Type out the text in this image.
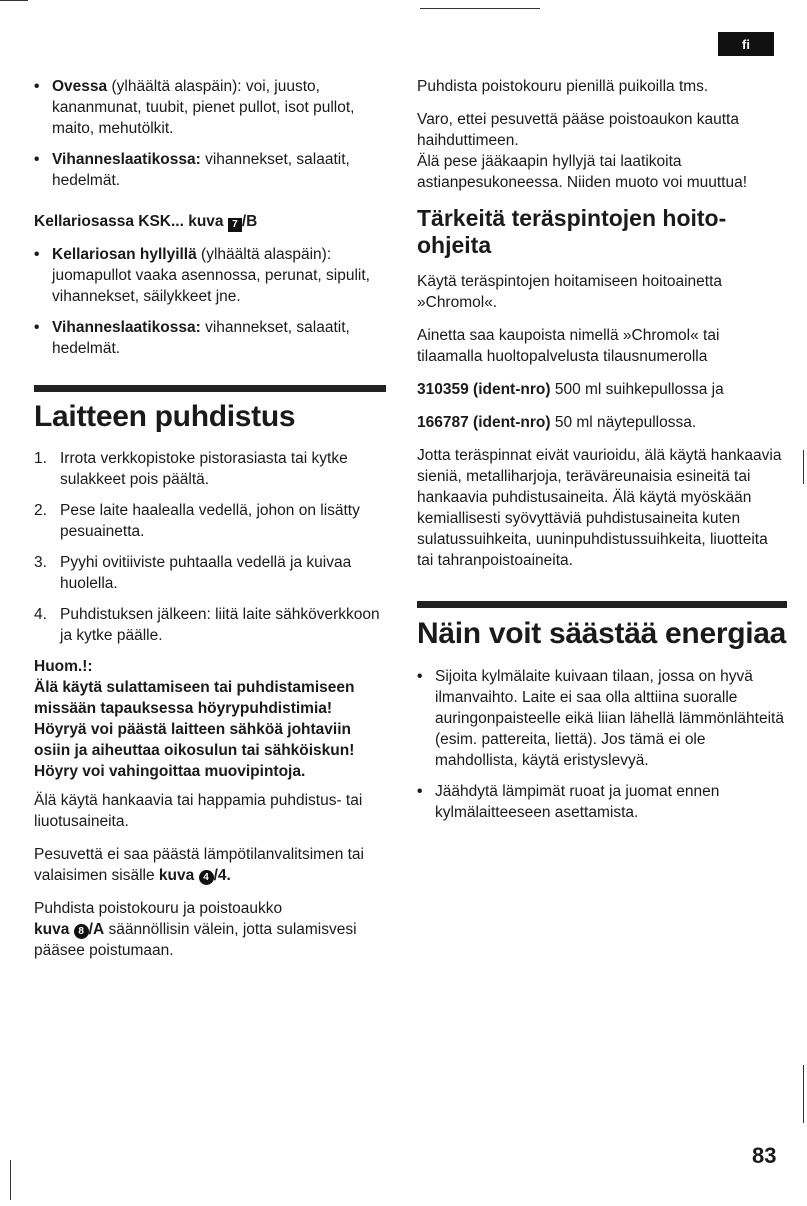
fi
• Ovessa (ylhäältä alaspäin): voi, juusto, kananmunat, tuubit, pienet pullot, isot pullot, maito, mehutölkit.
• Vihanneslaatikossa: vihannekset, salaatit, hedelmät.
Kellariosassa KSK... kuva 7 /B
• Kellariosan hyllyillä (ylhäältä alaspäin): juomapullot vaaka asennossa, perunat, sipulit, vihannekset, säilykkeet jne.
• Vihanneslaatikossa: vihannekset, salaatit, hedelmät.
Laitteen puhdistus
1. Irrota verkkopistoke pistorasiasta tai kytke sulakkeet pois päältä.
2. Pese laite haalealla vedellä, johon on lisätty pesuainetta.
3. Pyyhi ovitiiviste puhtaalla vedellä ja kuivaa huolella.
4. Puhdistuksen jälkeen: liitä laite sähköverkkoon ja kytke päälle.
Huom.!:
Älä käytä sulattamiseen tai puhdistamiseen missään tapauksessa höyrypuhdistimia! Höyryä voi päästä laitteen sähköä johtaviin osiin ja aiheuttaa oikosulun tai sähköiskun!
Höyry voi vahingoittaa muovipintoja.

Älä käytä hankaavia tai happamia puhdistus- tai liuotusaineita.

Pesuvettä ei saa päästä lämpötilanvalitsimen tai valaisimen sisälle kuva 4 /4.

Puhdista poistokouru ja poistoaukko
kuva 8 /A säännöllisin välein, jotta sulamisvesi pääsee poistumaan.

Puhdista poistokouru pienillä puikoilla tms.

Varo, ettei pesuvettä pääse poistoaukon kautta haihduttimeen.

Älä pese jääkaapin hyllyjä tai laatikoita astianpesukoneessa. Niiden muoto voi muuttua!

Tärkeitä teräspintojen hoito-ohjeita

Käytä teräspintojen hoitamiseen hoitoainetta »Chromol«.

Ainetta saa kaupoista nimellä »Chromol« tai tilaamalla huoltopalvelusta tilausnumerolla

310359 (ident-nro) 500 ml suihkepullossa ja

166787 (ident-nro) 50 ml näytepullossa.

Jotta teräspinnat eivät vaurioidu, älä käytä hankaavia sieniä, metalliharjoja, teräväreunaisia esineitä tai hankaavia puhdistusaineita. Älä käytä myöskään kemiallisesti syövyttäviä puhdistusaineita kuten sulatussuihkeita, uuninpuhdistussuihkeita, liuotteita tai tahranpoistoaineita.

Näin voit säästää energiaa
• Sijoita kylmälaite kuivaan tilaan, jossa on hyvä ilmanvaihto. Laite ei saa olla alttiina suoralle auringonpaisteelle eikä liian lähellä lämmönlähteitä (esim. pattereita, liettä). Jos tämä ei ole mahdollista, käytä eristyslevyä.
• Jäähdytä lämpimät ruoat ja juomat ennen kylmälaitteeseen asettamista.
83
